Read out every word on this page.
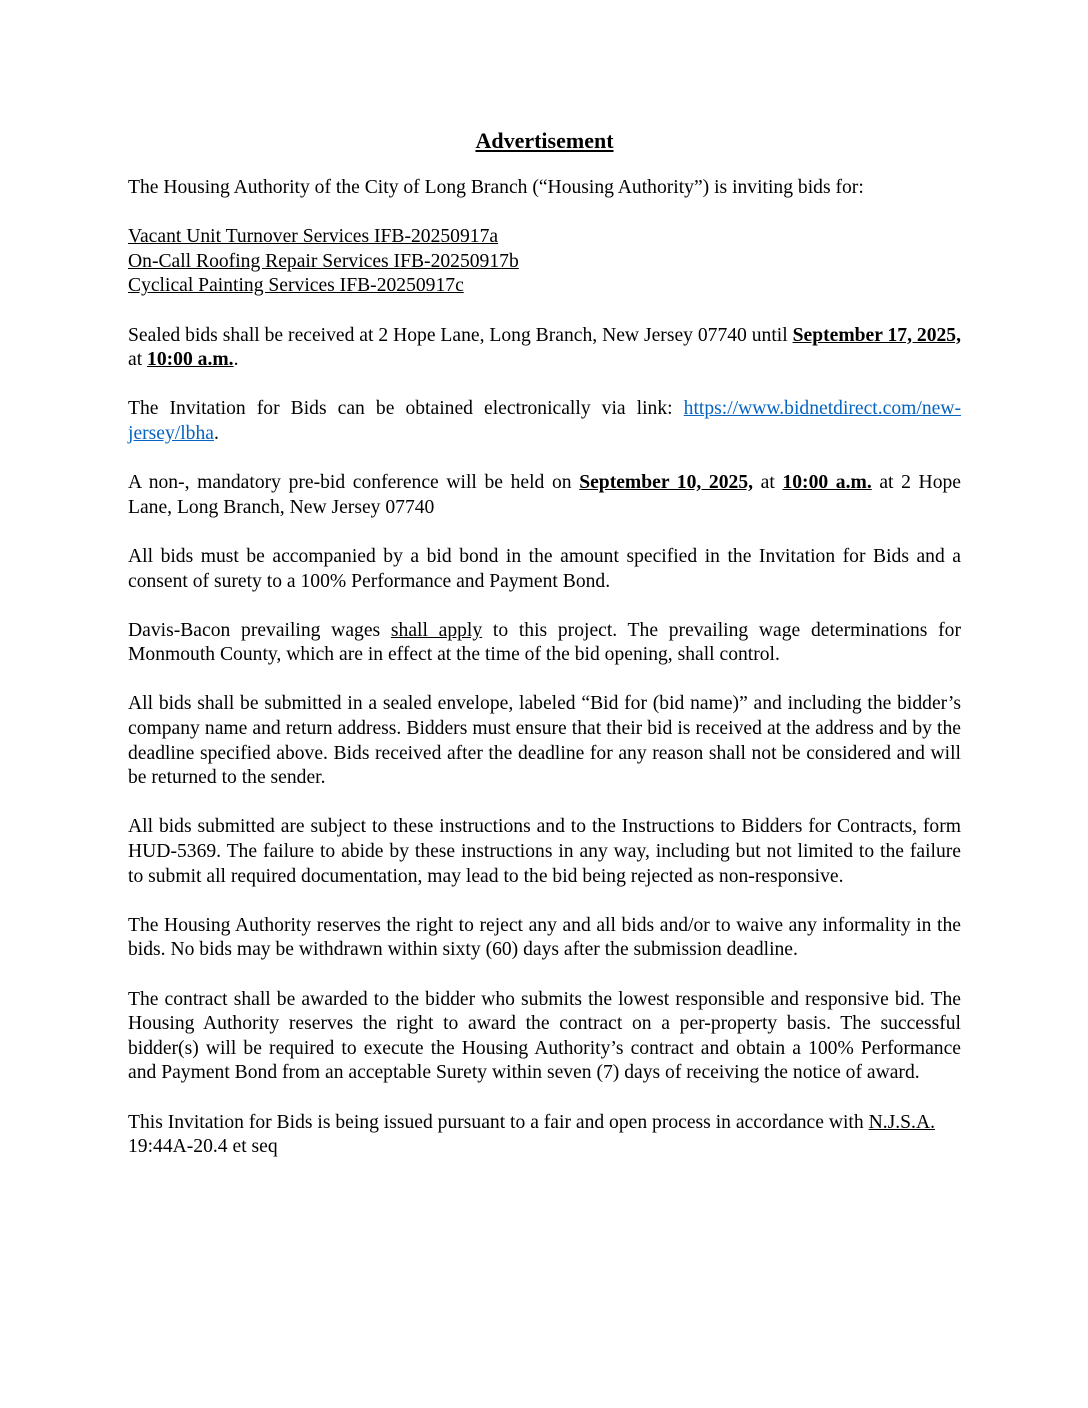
Advertisement

The Housing Authority of the City of Long Branch (“Housing Authority”) is inviting bids for:

Vacant Unit Turnover Services IFB-20250917a
On-Call Roofing Repair Services IFB-20250917b
Cyclical Painting Services IFB-20250917c

Sealed bids shall be received at 2 Hope Lane, Long Branch, New Jersey 07740 until September 17, 2025, at 10:00 a.m..

The Invitation for Bids can be obtained electronically via link: https://www.bidnetdirect.com/new-jersey/lbha.

A non-, mandatory pre-bid conference will be held on September 10, 2025, at 10:00 a.m. at 2 Hope Lane, Long Branch, New Jersey 07740

All bids must be accompanied by a bid bond in the amount specified in the Invitation for Bids and a consent of surety to a 100% Performance and Payment Bond.

Davis-Bacon prevailing wages shall apply to this project. The prevailing wage determinations for Monmouth County, which are in effect at the time of the bid opening, shall control.

All bids shall be submitted in a sealed envelope, labeled “Bid for (bid name)” and including the bidder’s company name and return address. Bidders must ensure that their bid is received at the address and by the deadline specified above. Bids received after the deadline for any reason shall not be considered and will be returned to the sender.

All bids submitted are subject to these instructions and to the Instructions to Bidders for Contracts, form HUD-5369. The failure to abide by these instructions in any way, including but not limited to the failure to submit all required documentation, may lead to the bid being rejected as non-responsive.

The Housing Authority reserves the right to reject any and all bids and/or to waive any informality in the bids. No bids may be withdrawn within sixty (60) days after the submission deadline.

The contract shall be awarded to the bidder who submits the lowest responsible and responsive bid. The Housing Authority reserves the right to award the contract on a per-property basis. The successful bidder(s) will be required to execute the Housing Authority’s contract and obtain a 100% Performance and Payment Bond from an acceptable Surety within seven (7) days of receiving the notice of award.

This Invitation for Bids is being issued pursuant to a fair and open process in accordance with N.J.S.A. 19:44A-20.4 et seq
